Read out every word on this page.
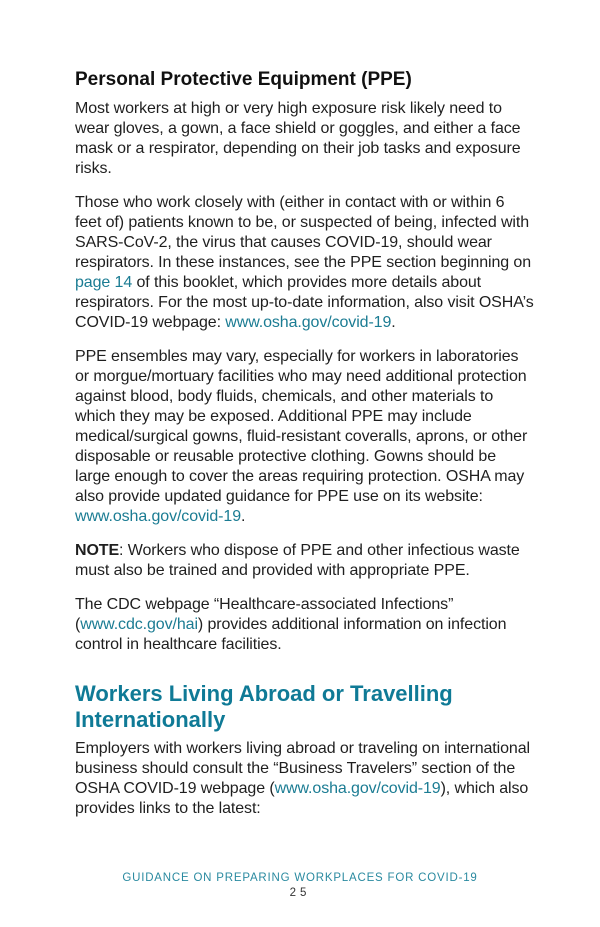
Personal Protective Equipment (PPE)

Most workers at high or very high exposure risk likely need to wear gloves, a gown, a face shield or goggles, and either a face mask or a respirator, depending on their job tasks and exposure risks.

Those who work closely with (either in contact with or within 6 feet of) patients known to be, or suspected of being, infected with SARS-CoV-2, the virus that causes COVID-19, should wear respirators. In these instances, see the PPE section beginning on page 14 of this booklet, which provides more details about respirators. For the most up-to-date information, also visit OSHA’s COVID-19 webpage: www.osha.gov/covid-19.

PPE ensembles may vary, especially for workers in laboratories or morgue/mortuary facilities who may need additional protection against blood, body fluids, chemicals, and other materials to which they may be exposed. Additional PPE may include medical/surgical gowns, fluid-resistant coveralls, aprons, or other disposable or reusable protective clothing. Gowns should be large enough to cover the areas requiring protection. OSHA may also provide updated guidance for PPE use on its website: www.osha.gov/covid-19.

NOTE: Workers who dispose of PPE and other infectious waste must also be trained and provided with appropriate PPE.

The CDC webpage “Healthcare-associated Infections” (www.cdc.gov/hai) provides additional information on infection control in healthcare facilities.

Workers Living Abroad or Travelling Internationally

Employers with workers living abroad or traveling on international business should consult the “Business Travelers” section of the OSHA COVID-19 webpage (www.osha.gov/covid-19), which also provides links to the latest:

GUIDANCE ON PREPARING WORKPLACES FOR COVID-19
25
